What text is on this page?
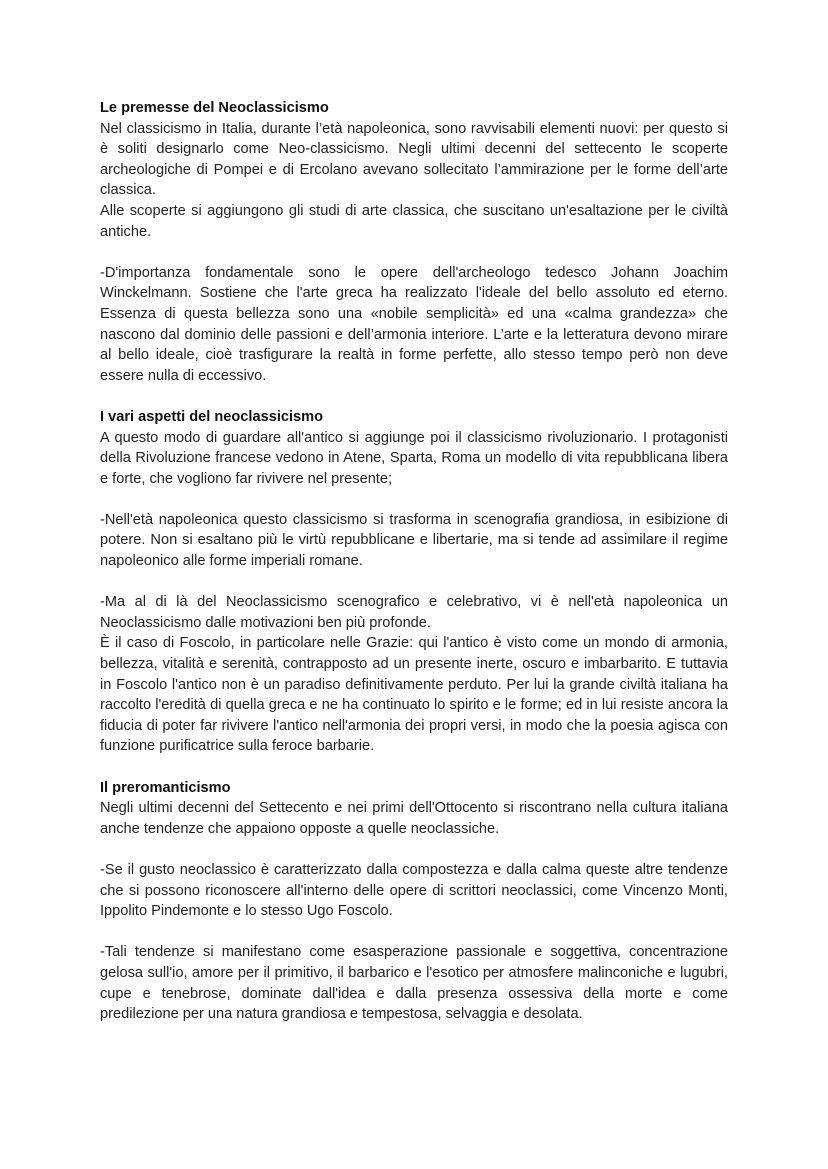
Le premesse del Neoclassicismo

Nel classicismo in Italia, durante l’età napoleonica, sono ravvisabili elementi nuovi: per questo si è soliti designarlo come Neo-classicismo. Negli ultimi decenni del settecento le scoperte archeologiche di Pompei e di Ercolano avevano sollecitato l’ammirazione per le forme dell’arte classica.

Alle scoperte si aggiungono gli studi di arte classica, che suscitano un'esaltazione per le civiltà antiche.

-D'importanza fondamentale sono le opere dell'archeologo tedesco Johann Joachim Winckelmann. Sostiene che l'arte greca ha realizzato l'ideale del bello assoluto ed eterno. Essenza di questa bellezza sono una «nobile semplicità» ed una «calma grandezza» che nascono dal dominio delle passioni e dell’armonia interiore. L’arte e la letteratura devono mirare al bello ideale, cioè trasfigurare la realtà in forme perfette, allo stesso tempo però non deve essere nulla di eccessivo.

I vari aspetti del neoclassicismo

A questo modo di guardare all'antico si aggiunge poi il classicismo rivoluzionario. I protagonisti della Rivoluzione francese vedono in Atene, Sparta, Roma un modello di vita repubblicana libera e forte, che vogliono far rivivere nel presente;

-Nell'età napoleonica questo classicismo si trasforma in scenografia grandiosa, in esibizione di potere. Non si esaltano più le virtù repubblicane e libertarie, ma si tende ad assimilare il regime napoleonico alle forme imperiali romane.

-Ma al di là del Neoclassicismo scenografico e celebrativo, vi è nell'età napoleonica un Neoclassicismo dalle motivazioni ben più profonde.

È il caso di Foscolo, in particolare nelle Grazie: qui l'antico è visto come un mondo di armonia, bellezza, vitalità e serenità, contrapposto ad un presente inerte, oscuro e imbarbarito. E tuttavia in Foscolo l'antico non è un paradiso definitivamente perduto. Per lui la grande civiltà italiana ha raccolto l'eredità di quella greca e ne ha continuato lo spirito e le forme; ed in lui resiste ancora la fiducia di poter far rivivere l'antico nell'armonia dei propri versi, in modo che la poesia agisca con funzione purificatrice sulla feroce barbarie.

Il preromanticismo

Negli ultimi decenni del Settecento e nei primi dell'Ottocento si riscontrano nella cultura italiana anche tendenze che appaiono opposte a quelle neoclassiche.

-Se il gusto neoclassico è caratterizzato dalla compostezza e dalla calma queste altre tendenze che si possono riconoscere all'interno delle opere di scrittori neoclassici, come Vincenzo Monti, Ippolito Pindemonte e lo stesso Ugo Foscolo.

-Tali tendenze si manifestano come esasperazione passionale e soggettiva, concentrazione gelosa sull'io, amore per il primitivo, il barbarico e l'esotico per atmosfere malinconiche e lugubri, cupe e tenebrose, dominate dall'idea e dalla presenza ossessiva della morte e come predilezione per una natura grandiosa e tempestosa, selvaggia e desolata.
